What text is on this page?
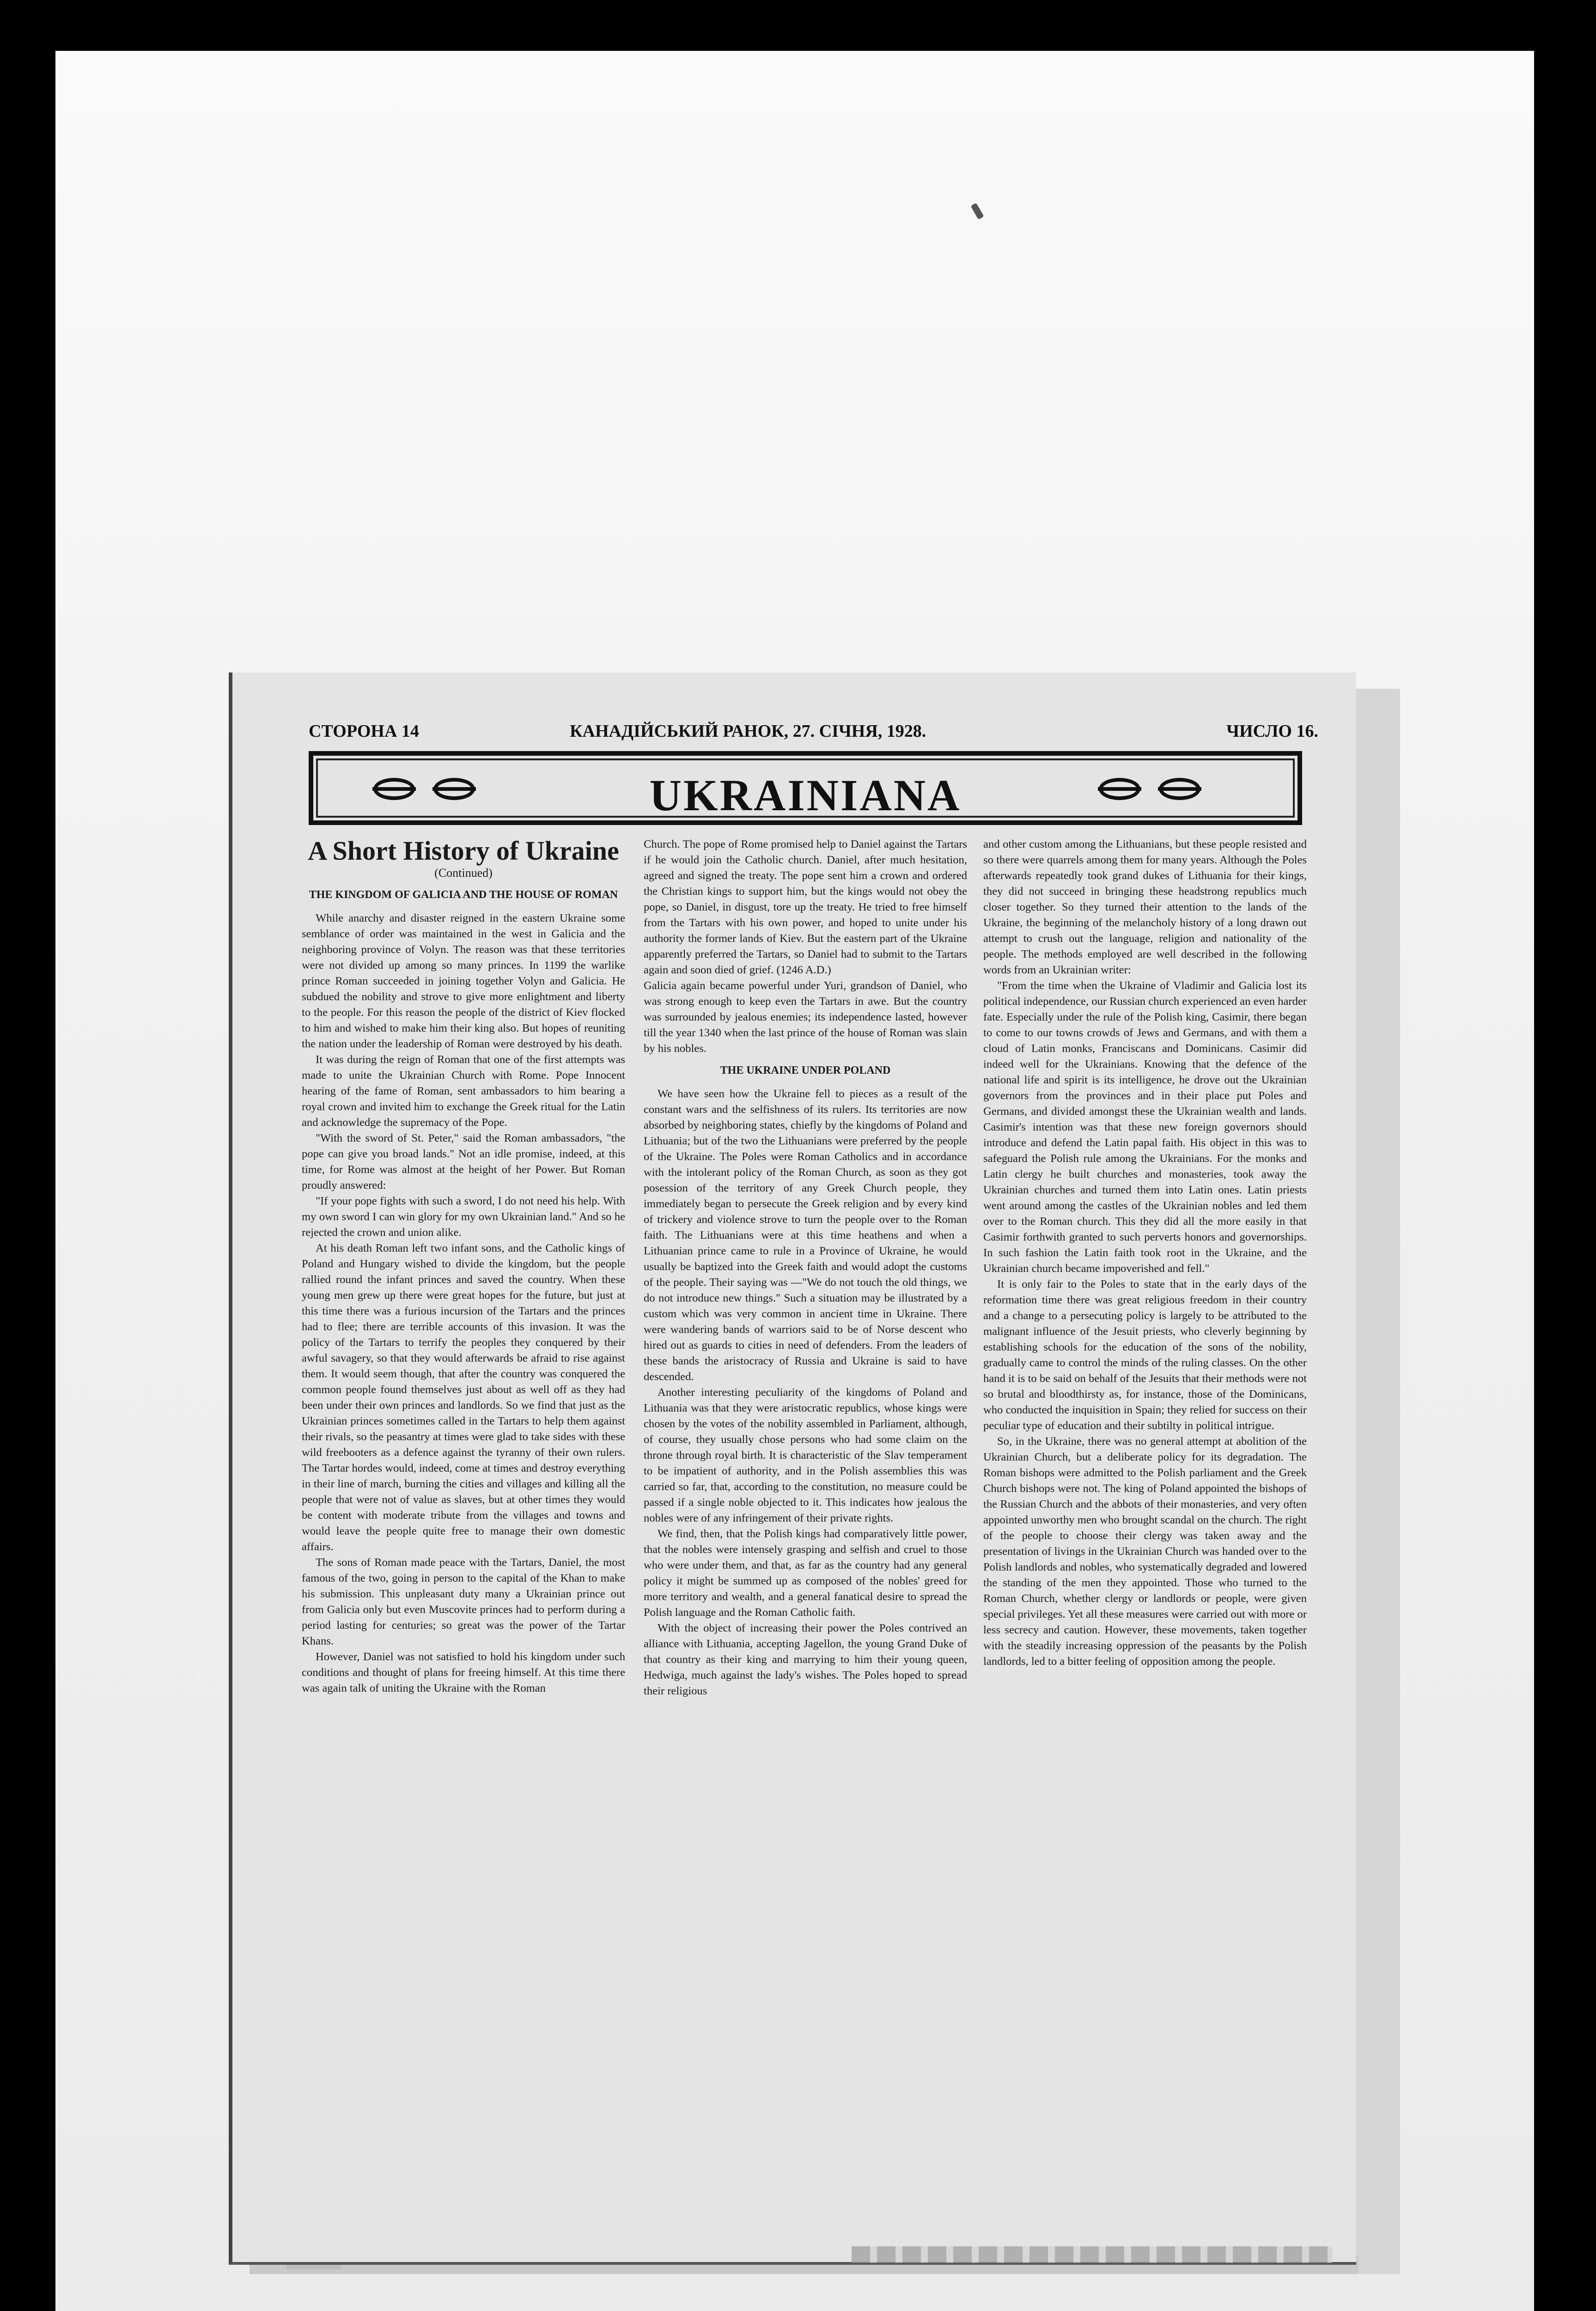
СТОРОНА 14	КАНАДІЙСЬКИЙ РАНОК, 27. СІЧНЯ, 1928.	ЧИСЛО 16.
UKRAINIANA
A Short History of Ukraine

(Continued)

THE KINGDOM OF GALICIA AND THE HOUSE OF ROMAN

While anarchy and disaster reigned in the eastern Ukraine some semblance of order was maintained in the west in Galicia and the neighboring province of Volyn. The reason was that these territories were not divided up among so many princes. In 1199 the warlike prince Roman succeeded in joining together Volyn and Galicia. He subdued the nobility and strove to give more enlightment and liberty to the people. For this reason the people of the district of Kiev flocked to him and wished to make him their king also. But hopes of reuniting the nation under the leadership of Roman were destroyed by his death.

It was during the reign of Roman that one of the first attempts was made to unite the Ukrainian Church with Rome. Pope Innocent hearing of the fame of Roman, sent ambassadors to him bearing a royal crown and invited him to exchange the Greek ritual for the Latin and acknowledge the supremacy of the Pope.

"With the sword of St. Peter," said the Roman ambassadors, "the pope can give you broad lands." Not an idle promise, indeed, at this time, for Rome was almost at the height of her Power. But Roman proudly answered:

"If your pope fights with such a sword, I do not need his help. With my own sword I can win glory for my own Ukrainian land." And so he rejected the crown and union alike.

At his death Roman left two infant sons, and the Catholic kings of Poland and Hungary wished to divide the kingdom, but the people rallied round the infant princes and saved the country. When these young men grew up there were great hopes for the future, but just at this time there was a furious incursion of the Tartars and the princes had to flee; there are terrible accounts of this invasion. It was the policy of the Tartars to terrify the peoples they conquered by their awful savagery, so that they would afterwards be afraid to rise against them. It would seem though, that after the country was conquered the common people found themselves just about as well off as they had been under their own princes and landlords. So we find that just as the Ukrainian princes sometimes called in the Tartars to help them against their rivals, so the peasantry at times were glad to take sides with these wild freebooters as a defence against the tyranny of their own rulers. The Tartar hordes would, indeed, come at times and destroy everything in their line of march, burning the cities and villages and killing all the people that were not of value as slaves, but at other times they would be content with moderate tribute from the villages and towns and would leave the people quite free to manage their own domestic affairs.

The sons of Roman made peace with the Tartars, Daniel, the most famous of the two, going in person to the capital of the Khan to make his submission. This unpleasant duty many a Ukrainian prince out from Galicia only but even Muscovite princes had to perform during a period lasting for centuries; so great was the power of the Tartar Khans.

However, Daniel was not satisfied to hold his kingdom under such conditions and thought of plans for freeing himself. At this time there was again talk of uniting the Ukraine with the Roman

Church. The pope of Rome promised help to Daniel against the Tartars if he would join the Catholic church. Daniel, after much hesitation, agreed and signed the treaty. The pope sent him a crown and ordered the Christian kings to support him, but the kings would not obey the pope, so Daniel, in disgust, tore up the treaty. He tried to free himself from the Tartars with his own power, and hoped to unite under his authority the former lands of Kiev. But the eastern part of the Ukraine apparently preferred the Tartars, so Daniel had to submit to the Tartars again and soon died of grief. (1246 A.D.)

Galicia again became powerful under Yuri, grandson of Daniel, who was strong enough to keep even the Tartars in awe. But the country was surrounded by jealous enemies; its independence lasted, however till the year 1340 when the last prince of the house of Roman was slain by his nobles.

THE UKRAINE UNDER POLAND

We have seen how the Ukraine fell to pieces as a result of the constant wars and the selfishness of its rulers. Its territories are now absorbed by neighboring states, chiefly by the kingdoms of Poland and Lithuania; but of the two the Lithuanians were preferred by the people of the Ukraine. The Poles were Roman Catholics and in accordance with the intolerant policy of the Roman Church, as soon as they got posession of the territory of any Greek Church people, they immediately began to persecute the Greek religion and by every kind of trickery and violence strove to turn the people over to the Roman faith. The Lithuanians were at this time heathens and when a Lithuanian prince came to rule in a Province of Ukraine, he would usually be baptized into the Greek faith and would adopt the customs of the people. Their saying was —"We do not touch the old things, we do not introduce new things." Such a situation may be illustrated by a custom which was very common in ancient time in Ukraine. There were wandering bands of warriors said to be of Norse descent who hired out as guards to cities in need of defenders. From the leaders of these bands the aristocracy of Russia and Ukraine is said to have descended.

Another interesting peculiarity of the kingdoms of Poland and Lithuania was that they were aristocratic republics, whose kings were chosen by the votes of the nobility assembled in Parliament, although, of course, they usually chose persons who had some claim on the throne through royal birth. It is characteristic of the Slav temperament to be impatient of authority, and in the Polish assemblies this was carried so far, that, according to the constitution, no measure could be passed if a single noble objected to it. This indicates how jealous the nobles were of any infringement of their private rights.

We find, then, that the Polish kings had comparatively little power, that the nobles were intensely grasping and selfish and cruel to those who were under them, and that, as far as the country had any general policy it might be summed up as composed of the nobles' greed for more territory and wealth, and a general fanatical desire to spread the Polish language and the Roman Catholic faith.

With the object of increasing their power the Poles contrived an alliance with Lithuania, accepting Jagellon, the young Grand Duke of that country as their king and marrying to him their young queen, Hedwiga, much against the lady's wishes. The Poles hoped to spread their religious

and other custom among the Lithuanians, but these people resisted and so there were quarrels among them for many years. Although the Poles afterwards repeatedly took grand dukes of Lithuania for their kings, they did not succeed in bringing these headstrong republics much closer together. So they turned their attention to the lands of the Ukraine, the beginning of the melancholy history of a long drawn out attempt to crush out the language, religion and nationality of the people. The methods employed are well described in the following words from an Ukrainian writer:

"From the time when the Ukraine of Vladimir and Galicia lost its political independence, our Russian church experienced an even harder fate. Especially under the rule of the Polish king, Casimir, there began to come to our towns crowds of Jews and Germans, and with them a cloud of Latin monks, Franciscans and Dominicans. Casimir did indeed well for the Ukrainians. Knowing that the defence of the national life and spirit is its intelligence, he drove out the Ukrainian governors from the provinces and in their place put Poles and Germans, and divided amongst these the Ukrainian wealth and lands. Casimir's intention was that these new foreign governors should introduce and defend the Latin papal faith. His object in this was to safeguard the Polish rule among the Ukrainians. For the monks and Latin clergy he built churches and monasteries, took away the Ukrainian churches and turned them into Latin ones. Latin priests went around among the castles of the Ukrainian nobles and led them over to the Roman church. This they did all the more easily in that Casimir forthwith granted to such perverts honors and governorships. In such fashion the Latin faith took root in the Ukraine, and the Ukrainian church became impoverished and fell."

It is only fair to the Poles to state that in the early days of the reformation time there was great religious freedom in their country and a change to a persecuting policy is largely to be attributed to the malignant influence of the Jesuit priests, who cleverly beginning by establishing schools for the education of the sons of the nobility, gradually came to control the minds of the ruling classes. On the other hand it is to be said on behalf of the Jesuits that their methods were not so brutal and bloodthirsty as, for instance, those of the Dominicans, who conducted the inquisition in Spain; they relied for success on their peculiar type of education and their subtilty in political intrigue.

So, in the Ukraine, there was no general attempt at abolition of the Ukrainian Church, but a deliberate policy for its degradation. The Roman bishops were admitted to the Polish parliament and the Greek Church bishops were not. The king of Poland appointed the bishops of the Russian Church and the abbots of their monasteries, and very often appointed unworthy men who brought scandal on the church. The right of the people to choose their clergy was taken away and the presentation of livings in the Ukrainian Church was handed over to the Polish landlords and nobles, who systematically degraded and lowered the standing of the men they appointed. Those who turned to the Roman Church, whether clergy or landlords or people, were given special privileges. Yet all these measures were carried out with more or less secrecy and caution. However, these movements, taken together with the steadily increasing oppression of the peasants by the Polish landlords, led to a bitter feeling of opposition among the people.
